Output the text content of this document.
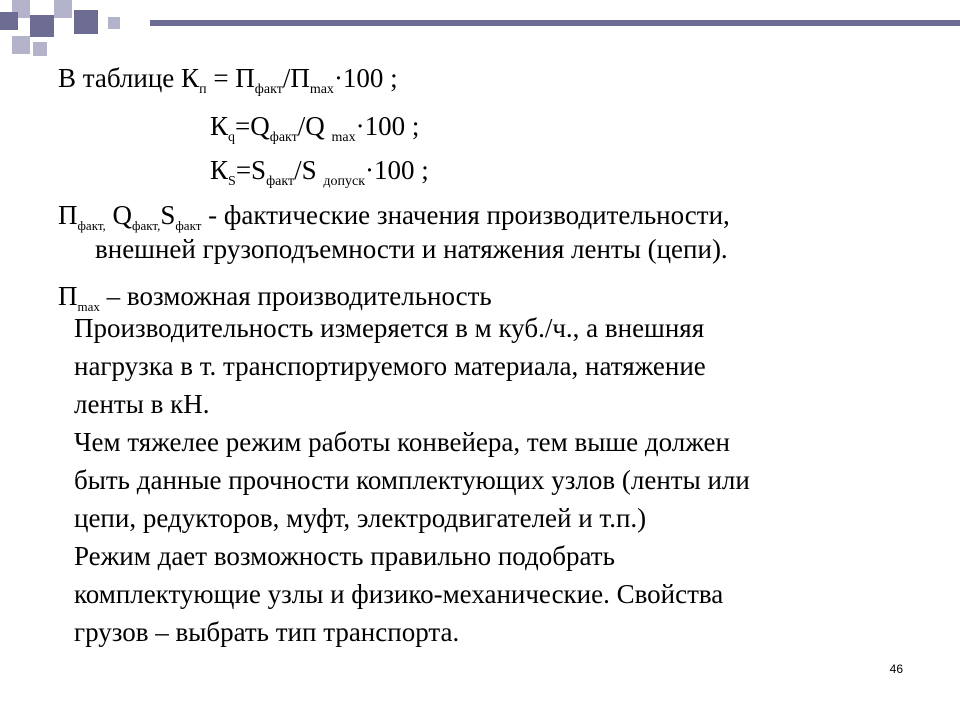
В таблице $К_п = П_{факт}/П_{max}\cdot 100$ ;
$К_q=Q_{факт}/Q$ $_{max}$·100 ;
$К_S=S_{факт}/S$ $_{допуск}$·100 ;
$П_{факт,}$ $Q_{факт,}S_{факт}$ - фактические значения производительности,
внешней грузоподъемности и натяжения ленты (цепи).
$П_{max}$ – возможная производительность
Производительность измеряется в м куб./ч., а внешняя
нагрузка в т. транспортируемого материала, натяжение
ленты в кН.
Чем тяжелее режим работы конвейера, тем выше должен
быть данные прочности комплектующих узлов (ленты или
цепи, редукторов, муфт, электродвигателей и т.п.)
Режим дает возможность правильно подобрать
комплектующие узлы и физико-механические. Свойства
грузов – выбрать тип транспорта.
46
